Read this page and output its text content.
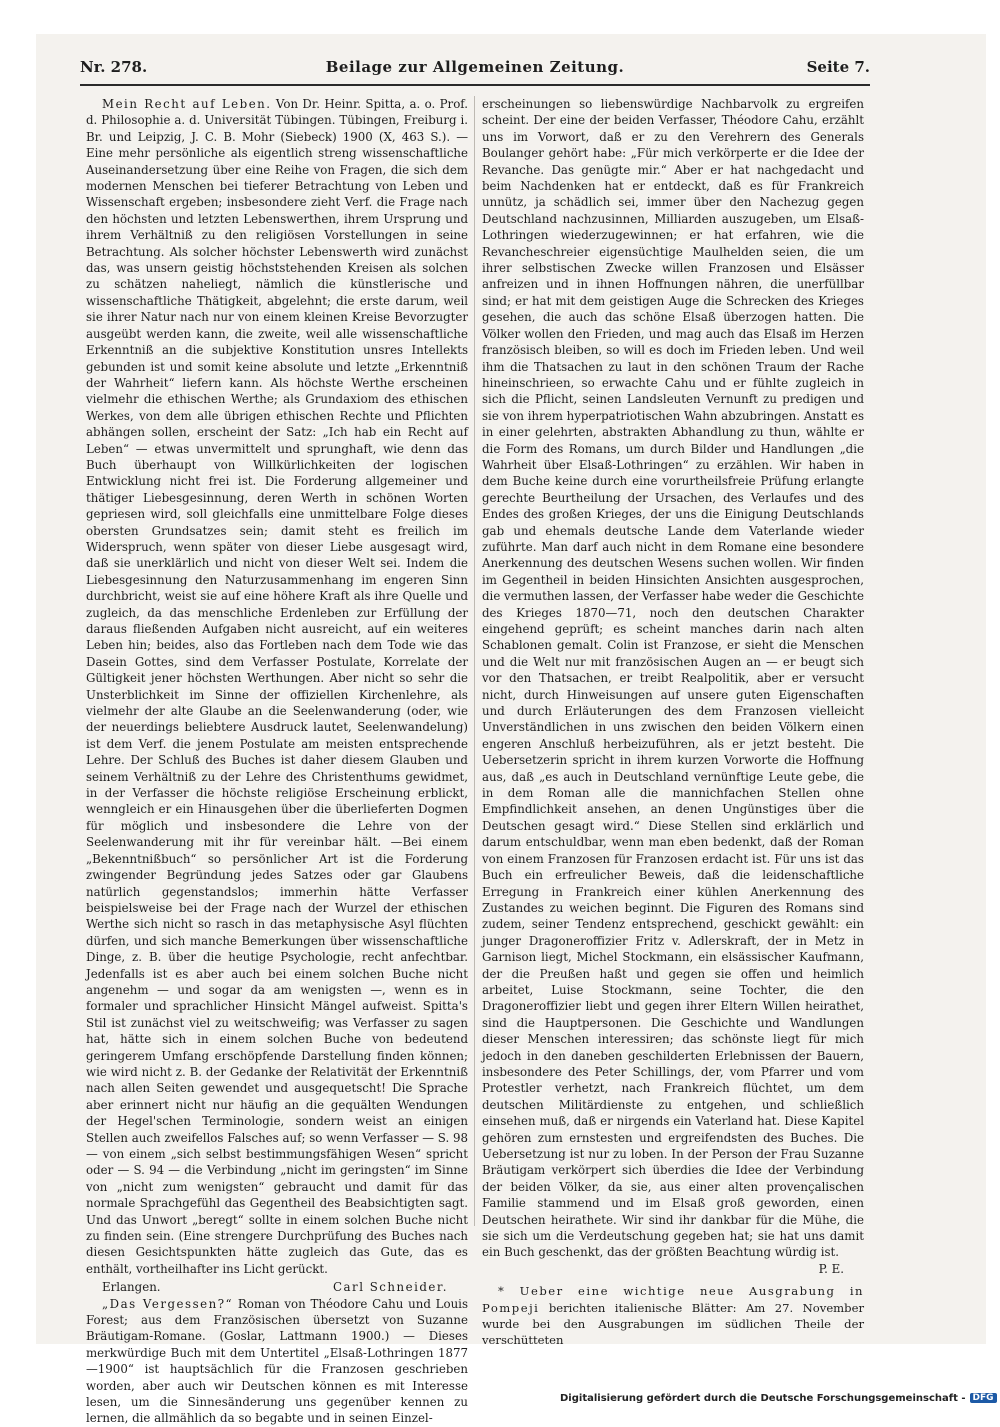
Nr. 278.	Beilage zur Allgemeinen Zeitung.	Seite 7.

Mein Recht auf Leben. Von Dr. Heinr. Spitta, a. o. Prof. d. Philosophie a. d. Universität Tübingen. Tübingen, Freiburg i. Br. und Leipzig, J. C. B. Mohr (Siebeck) 1900 (X, 463 S.). — Eine mehr persönliche als eigentlich streng wissenschaftliche Auseinandersetzung über eine Reihe von Fragen, die sich dem modernen Menschen bei tieferer Betrachtung von Leben und Wissenschaft ergeben; insbesondere zieht Verf. die Frage nach den höchsten und letzten Lebenswerthen, ihrem Ursprung und ihrem Verhältniß zu den religiösen Vorstellungen in seine Betrachtung. Als solcher höchster Lebenswerth wird zunächst das, was unsern geistig höchststehenden Kreisen als solchen zu schätzen naheliegt, nämlich die künstlerische und wissenschaftliche Thätigkeit, abgelehnt; die erste darum, weil sie ihrer Natur nach nur von einem kleinen Kreise Bevorzugter ausgeübt werden kann, die zweite, weil alle wissenschaftliche Erkenntniß an die subjektive Konstitution unsres Intellekts gebunden ist und somit keine absolute und letzte „Erkenntniß der Wahrheit“ liefern kann. Als höchste Werthe erscheinen vielmehr die ethischen Werthe; als Grundaxiom des ethischen Werkes, von dem alle übrigen ethischen Rechte und Pflichten abhängen sollen, erscheint der Satz: „Ich hab ein Recht auf Leben“ — etwas unvermittelt und sprunghaft, wie denn das Buch überhaupt von Willkürlichkeiten der logischen Entwicklung nicht frei ist. Die Forderung allgemeiner und thätiger Liebesgesinnung, deren Werth in schönen Worten gepriesen wird, soll gleichfalls eine unmittelbare Folge dieses obersten Grundsatzes sein; damit steht es freilich im Widerspruch, wenn später von dieser Liebe ausgesagt wird, daß sie unerklärlich und nicht von dieser Welt sei. Indem die Liebesgesinnung den Naturzusammenhang im engeren Sinn durchbricht, weist sie auf eine höhere Kraft als ihre Quelle und zugleich, da das menschliche Erdenleben zur Erfüllung der daraus fließenden Aufgaben nicht ausreicht, auf ein weiteres Leben hin; beides, also das Fortleben nach dem Tode wie das Dasein Gottes, sind dem Verfasser Postulate, Korrelate der Gültigkeit jener höchsten Werthungen. Aber nicht so sehr die Unsterblichkeit im Sinne der offiziellen Kirchenlehre, als vielmehr der alte Glaube an die Seelenwanderung (oder, wie der neuerdings beliebtere Ausdruck lautet, Seelenwandelung) ist dem Verf. die jenem Postulate am meisten entsprechende Lehre. Der Schluß des Buches ist daher diesem Glauben und seinem Verhältniß zu der Lehre des Christenthums gewidmet, in der Verfasser die höchste religiöse Erscheinung erblickt, wenngleich er ein Hinausgehen über die überlieferten Dogmen für möglich und insbesondere die Lehre von der Seelenwanderung mit ihr für vereinbar hält. —Bei einem „Bekenntnißbuch“ so persönlicher Art ist die Forderung zwingender Begründung jedes Satzes oder gar Glaubens natürlich gegenstandslos; immerhin hätte Verfasser beispielsweise bei der Frage nach der Wurzel der ethischen Werthe sich nicht so rasch in das metaphysische Asyl flüchten dürfen, und sich manche Bemerkungen über wissenschaftliche Dinge, z. B. über die heutige Psychologie, recht anfechtbar. Jedenfalls ist es aber auch bei einem solchen Buche nicht angenehm — und sogar da am wenigsten —, wenn es in formaler und sprachlicher Hinsicht Mängel aufweist. Spitta's Stil ist zunächst viel zu weitschweifig; was Verfasser zu sagen hat, hätte sich in einem solchen Buche von bedeutend geringerem Umfang erschöpfende Darstellung finden können; wie wird nicht z. B. der Gedanke der Relativität der Erkenntniß nach allen Seiten gewendet und ausgequetscht! Die Sprache aber erinnert nicht nur häufig an die gequälten Wendungen der Hegel'schen Terminologie, sondern weist an einigen Stellen auch zweifellos Falsches auf; so wenn Verfasser — S. 98 — von einem „sich selbst bestimmungsfähigen Wesen“ spricht oder — S. 94 — die Verbindung „nicht im geringsten“ im Sinne von „nicht zum wenigsten“ gebraucht und damit für das normale Sprachgefühl das Gegentheil des Beabsichtigten sagt. Und das Unwort „beregt“ sollte in einem solchen Buche nicht zu finden sein. (Eine strengere Durchprüfung des Buches nach diesen Gesichtspunkten hätte zugleich das Gute, das es enthält, vortheilhafter ins Licht gerückt.

Erlangen.	Carl Schneider.

„Das Vergessen?“ Roman von Théodore Cahu und Louis Forest; aus dem Französischen übersetzt von Suzanne Bräutigam-Romane. (Goslar, Lattmann 1900.) — Dieses merkwürdige Buch mit dem Untertitel „Elsaß-Lothringen 1877—1900“ ist hauptsächlich für die Franzosen geschrieben worden, aber auch wir Deutschen können es mit Interesse lesen, um die Sinnesänderung uns gegenüber kennen zu lernen, die allmählich da so begabte und in seinen Einzel-

erscheinungen so liebenswürdige Nachbarvolk zu ergreifen scheint. Der eine der beiden Verfasser, Théodore Cahu, erzählt uns im Vorwort, daß er zu den Verehrern des Generals Boulanger gehört habe: „Für mich verkörperte er die Idee der Revanche. Das genügte mir.“ Aber er hat nachgedacht und beim Nachdenken hat er entdeckt, daß es für Frankreich unnütz, ja schädlich sei, immer über den Nachezug gegen Deutschland nachzusinnen, Milliarden auszugeben, um Elsaß-Lothringen wiederzugewinnen; er hat erfahren, wie die Revancheschreier eigensüchtige Maulhelden seien, die um ihrer selbstischen Zwecke willen Franzosen und Elsässer anfreizen und in ihnen Hoffnungen nähren, die unerfüllbar sind; er hat mit dem geistigen Auge die Schrecken des Krieges gesehen, die auch das schöne Elsaß überzogen hatten. Die Völker wollen den Frieden, und mag auch das Elsaß im Herzen französisch bleiben, so will es doch im Frieden leben. Und weil ihm die Thatsachen zu laut in den schönen Traum der Rache hineinschrieen, so erwachte Cahu und er fühlte zugleich in sich die Pflicht, seinen Landsleuten Vernunft zu predigen und sie von ihrem hyperpatriotischen Wahn abzubringen. Anstatt es in einer gelehrten, abstrakten Abhandlung zu thun, wählte er die Form des Romans, um durch Bilder und Handlungen „die Wahrheit über Elsaß-Lothringen“ zu erzählen. Wir haben in dem Buche keine durch eine vorurtheilsfreie Prüfung erlangte gerechte Beurtheilung der Ursachen, des Verlaufes und des Endes des großen Krieges, der uns die Einigung Deutschlands gab und ehemals deutsche Lande dem Vaterlande wieder zuführte. Man darf auch nicht in dem Romane eine besondere Anerkennung des deutschen Wesens suchen wollen. Wir finden im Gegentheil in beiden Hinsichten Ansichten ausgesprochen, die vermuthen lassen, der Verfasser habe weder die Geschichte des Krieges 1870—71, noch den deutschen Charakter eingehend geprüft; es scheint manches darin nach alten Schablonen gemalt. Colin ist Franzose, er sieht die Menschen und die Welt nur mit französischen Augen an — er beugt sich vor den Thatsachen, er treibt Realpolitik, aber er versucht nicht, durch Hinweisungen auf unsere guten Eigenschaften und durch Erläuterungen des dem Franzosen vielleicht Unverständlichen in uns zwischen den beiden Völkern einen engeren Anschluß herbeizuführen, als er jetzt besteht. Die Uebersetzerin spricht in ihrem kurzen Vorworte die Hoffnung aus, daß „es auch in Deutschland vernünftige Leute gebe, die in dem Roman alle die mannichfachen Stellen ohne Empfindlichkeit ansehen, an denen Ungünstiges über die Deutschen gesagt wird.“ Diese Stellen sind erklärlich und darum entschuldbar, wenn man eben bedenkt, daß der Roman von einem Franzosen für Franzosen erdacht ist. Für uns ist das Buch ein erfreulicher Beweis, daß die leidenschaftliche Erregung in Frankreich einer kühlen Anerkennung des Zustandes zu weichen beginnt. Die Figuren des Romans sind zudem, seiner Tendenz entsprechend, geschickt gewählt: ein junger Dragoneroffizier Fritz v. Adlerskraft, der in Metz in Garnison liegt, Michel Stockmann, ein elsässischer Kaufmann, der die Preußen haßt und gegen sie offen und heimlich arbeitet, Luise Stockmann, seine Tochter, die den Dragoneroffizier liebt und gegen ihrer Eltern Willen heirathet, sind die Hauptpersonen. Die Geschichte und Wandlungen dieser Menschen interessiren; das schönste liegt für mich jedoch in den daneben geschilderten Erlebnissen der Bauern, insbesondere des Peter Schillings, der, vom Pfarrer und vom Protestler verhetzt, nach Frankreich flüchtet, um dem deutschen Militärdienste zu entgehen, und schließlich einsehen muß, daß er nirgends ein Vaterland hat. Diese Kapitel gehören zum ernstesten und ergreifendsten des Buches. Die Uebersetzung ist nur zu loben. In der Person der Frau Suzanne Bräutigam verkörpert sich überdies die Idee der Verbindung der beiden Völker, da sie, aus einer alten provençalischen Familie stammend und im Elsaß groß geworden, einen Deutschen heirathete. Wir sind ihr dankbar für die Mühe, die sie sich um die Verdeutschung gegeben hat; sie hat uns damit ein Buch geschenkt, das der größten Beachtung würdig ist.

P. E.

* Ueber eine wichtige neue Ausgrabung in Pompeji berichten italienische Blätter: Am 27. November wurde bei den Ausgrabungen im südlichen Theile der verschütteten

Digitalisierung gefördert durch die Deutsche Forschungsgemeinschaft - DFG
